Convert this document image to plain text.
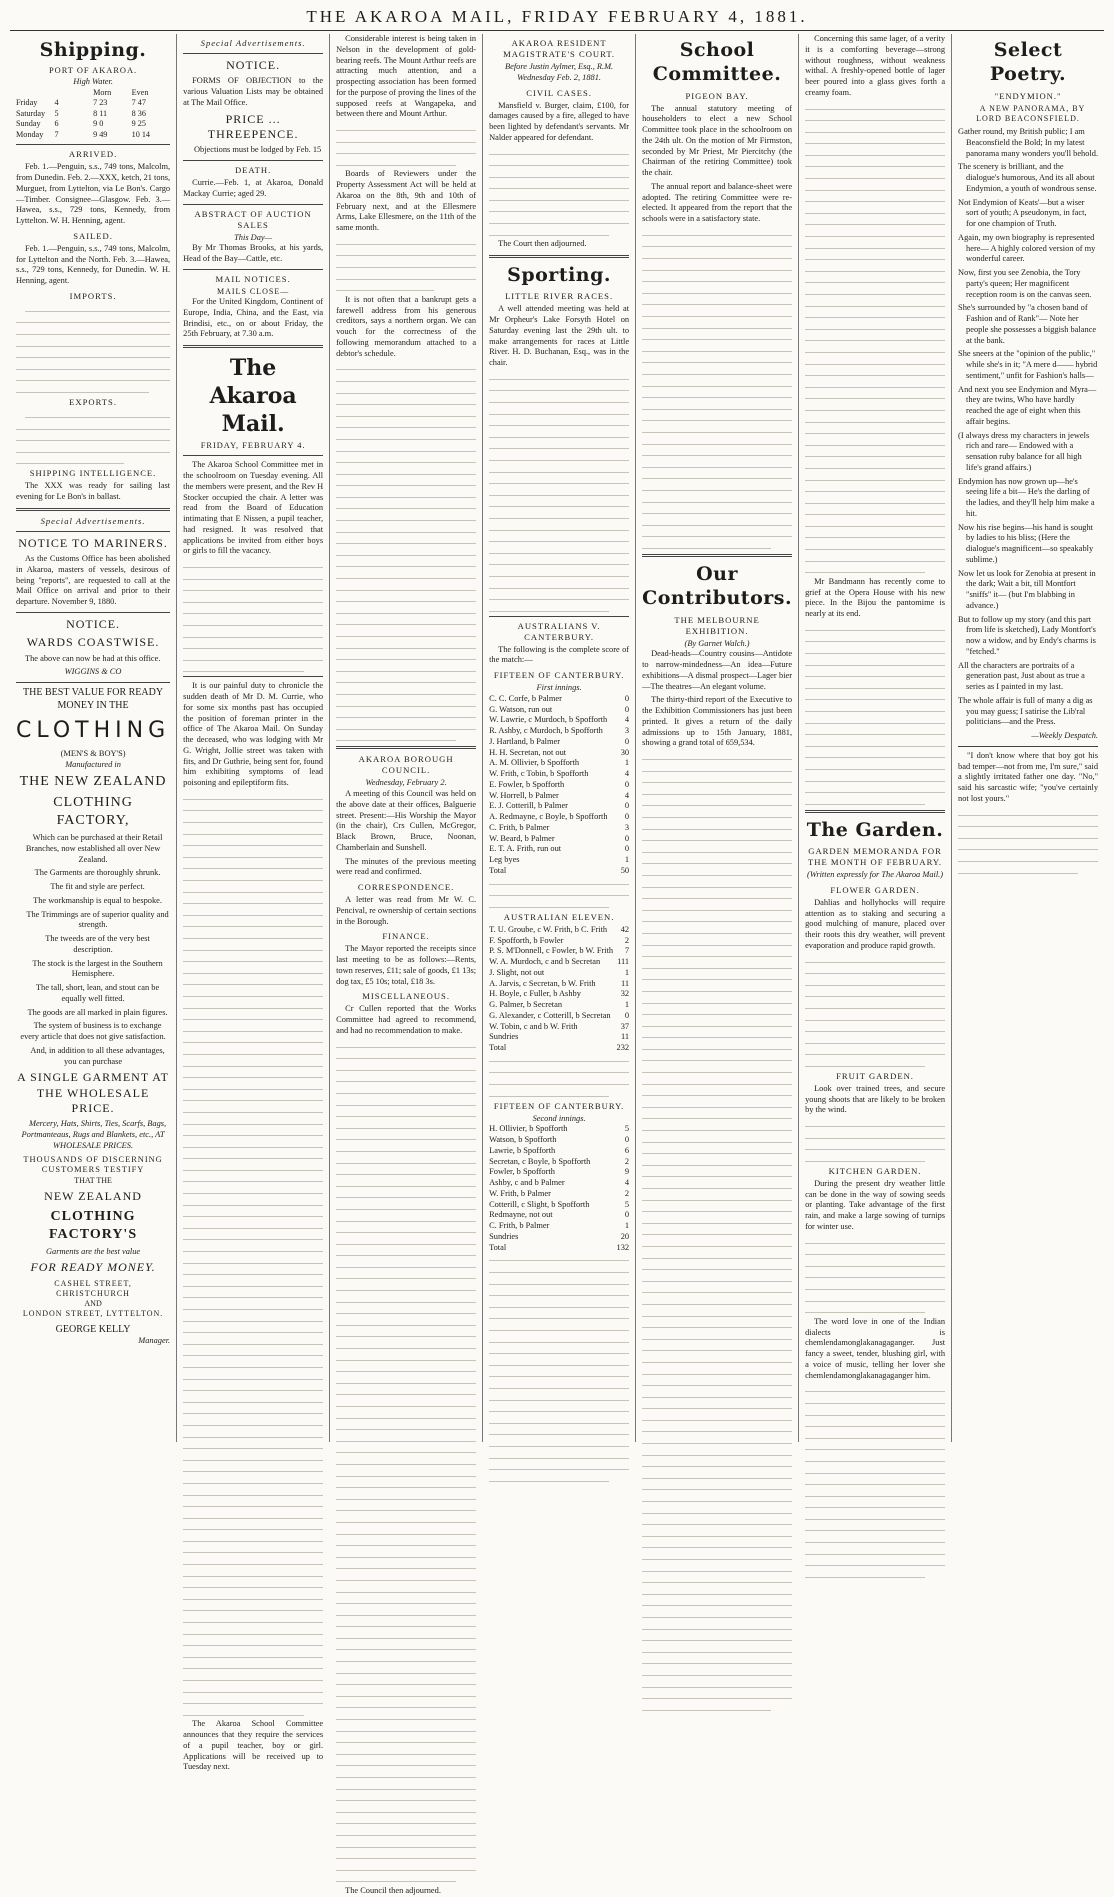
THE AKAROA MAIL, FRIDAY FEBRUARY 4, 1881.
Shipping.
PORT OF AKAROA.
High Water.
Morn	Even
Friday	4	7 23	7 47
Saturday	5	8 11	8 36
Sunday	6	9 0	9 25
Monday	7	9 49	10 14
ARRIVED.
Feb. 1.—Penguin, s.s., 749 tons, Malcolm, from Dunedin. Feb. 2.—XXX, ketch, 21 tons, Murguet, from Lyttelton, via Le Bon's. Cargo—Timber. Consignee—Glasgow. Feb. 3.—Hawea, s.s., 729 tons, Kennedy, from Lyttelton. W. H. Henning, agent.
SAILED.
Feb. 1.—Penguin, s.s., 749 tons, Malcolm, for Lyttelton and the North. Feb. 3.—Hawea, s.s., 729 tons, Kennedy, for Dunedin. W. H. Henning, agent.
IMPORTS.
EXPORTS.
SHIPPING INTELLIGENCE.
The XXX was ready for sailing last evening for Le Bon's in ballast.
Special Advertisements.
NOTICE TO MARINERS.
As the Customs Office has been abolished in Akaroa, masters of vessels, desirous of being "reports", are requested to call at the Mail Office on arrival and prior to their departure. November 9, 1880.
NOTICE.
WARDS COASTWISE.
The above can now be had at this office.
WIGGINS & CO
THE BEST VALUE FOR READY MONEY IN THE
CLOTHING
(MEN'S & BOY'S)
Manufactured in
THE NEW ZEALAND
CLOTHING FACTORY,
Which can be purchased at their Retail Branches, now established all over New Zealand.
The Garments are thoroughly shrunk.
The fit and style are perfect.
The workmanship is equal to bespoke.
The Trimmings are of superior quality and strength.
The tweeds are of the very best description.
The stock is the largest in the Southern Hemisphere.
The tall, short, lean, and stout can be equally well fitted.
The goods are all marked in plain figures.
The system of business is to exchange every article that does not give satisfaction.
And, in addition to all these advantages, you can purchase
A SINGLE GARMENT AT THE WHOLESALE PRICE.
Mercery, Hats, Shirts, Ties, Scarfs, Bags, Portmanteaus, Rugs and Blankets, etc., AT WHOLESALE PRICES.
THOUSANDS OF DISCERNING CUSTOMERS TESTIFY
THAT THE
NEW ZEALAND
CLOTHING FACTORY'S
Garments are the best value
FOR READY MONEY.
CASHEL STREET, CHRISTCHURCH
AND
LONDON STREET, LYTTELTON.
GEORGE KELLY
Manager.
Special Advertisements.
NOTICE.
FORMS OF OBJECTION to the various Valuation Lists may be obtained at The Mail Office.
PRICE ... THREEPENCE.
Objections must be lodged by Feb. 15
DEATH.
Currie.—Feb. 1, at Akaroa, Donald Mackay Currie; aged 29.
ABSTRACT OF AUCTION SALES
This Day—
By Mr Thomas Brooks, at his yards, Head of the Bay—Cattle, etc.
MAIL NOTICES.
MAILS CLOSE—
For the United Kingdom, Continent of Europe, India, China, and the East, via Brindisi, etc., on or about Friday, the 25th February, at 7.30 a.m.
The Akaroa Mail.
FRIDAY, FEBRUARY 4.
The Akaroa School Committee met in the schoolroom on Tuesday evening. All the members were present, and the Rev H Stocker occupied the chair. A letter was read from the Board of Education intimating that E Nissen, a pupil teacher, had resigned. It was resolved that applications be invited from either boys or girls to fill the vacancy.
It is our painful duty to chronicle the sudden death of Mr D. M. Currie, who for some six months past has occupied the position of foreman printer in the office of The Akaroa Mail. On Sunday the deceased, who was lodging with Mr G. Wright, Jollie street was taken with fits, and Dr Guthrie, being sent for, found him exhibiting symptoms of lead poisoning and epileptiform fits.
The Akaroa School Committee announces that they require the services of a pupil teacher, boy or girl. Applications will be received up to Tuesday next.
Considerable interest is being taken in Nelson in the development of gold-bearing reefs. The Mount Arthur reefs are attracting much attention, and a prospecting association has been formed for the purpose of proving the lines of the supposed reefs at Wangapeka, and between there and Mount Arthur.
Boards of Reviewers under the Property Assessment Act will be held at Akaroa on the 8th, 9th and 10th of February next, and at the Ellesmere Arms, Lake Ellesmere, on the 11th of the same month.
It is not often that a bankrupt gets a farewell address from his generous creditors, says a northern organ. We can vouch for the correctness of the following memorandum attached to a debtor's schedule.
AKAROA BOROUGH COUNCIL.
Wednesday, February 2.
A meeting of this Council was held on the above date at their offices, Balguerie street. Present:—His Worship the Mayor (in the chair), Crs Cullen, McGregor, Black Brown, Bruce, Noonan, Chamberlain and Sunshell.
The minutes of the previous meeting were read and confirmed.
CORRESPONDENCE.
A letter was read from Mr W. C. Pencival, re ownership of certain sections in the Borough.
FINANCE.
The Mayor reported the receipts since last meeting to be as follows:—Rents, town reserves, £11; sale of goods, £1 13s; dog tax, £5 10s; total, £18 3s.
MISCELLANEOUS.
Cr Cullen reported that the Works Committee had agreed to recommend, and had no recommendation to make.
The Council then adjourned.
AKAROA RESIDENT MAGISTRATE'S COURT.
Before Justin Aylmer, Esq., R.M.
Wednesday Feb. 2, 1881.
CIVIL CASES.
Mansfield v. Burger, claim, £100, for damages caused by a fire, alleged to have been lighted by defendant's servants. Mr Nalder appeared for defendant.
The Court then adjourned.
Sporting.
LITTLE RIVER RACES.
A well attended meeting was held at Mr Orpheur's Lake Forsyth Hotel on Saturday evening last the 29th ult. to make arrangements for races at Little River. H. D. Buchanan, Esq., was in the chair.
AUSTRALIANS V. CANTERBURY.
The following is the complete score of the match:—
FIFTEEN OF CANTERBURY.
First innings.
C. C. Corfe, b Palmer	0
G. Watson, run out	0
W. Lawrie, c Murdoch, b Spofforth 4
R. Ashby, c Murdoch, b Spofforth	3
J. Hartland, b Palmer	0
H. H. Secretan, not out	30
A. M. Ollivier, b Spofforth	1
W. Frith, c Tobin, b Spofforth	4
E. Fowler, b Spofforth	0
W. Horrell, b Palmer	4
E. J. Cotterill, b Palmer	0
A. Redmayne, c Boyle, b Spofforth 0
C. Frith, b Palmer	3
W. Beard, b Palmer	0
E. T. A. Frith, run out	0
Leg byes	1
Total	50
AUSTRALIAN ELEVEN.
T. U. Groube, c W. Frith, b C. Frith 42
F. Spofforth, b Fowler	2
P. S. M'Donnell, c Fowler, b W. Frith 7
W. A. Murdoch, c and b Secretan 111
J. Slight, not out	1
A. Jarvis, c Secretan, b W. Frith	11
H. Boyle, c Fuller, b Ashby	32
G. Palmer, b Secretan	1
G. Alexander, c Cotterill, b Secretan 0
W. Tobin, c and b W. Frith	37
Sundries	11
Total	232
FIFTEEN OF CANTERBURY.
Second innings.
H. Ollivier, b Spofforth	5
Watson, b Spofforth	0
Lawrie, b Spofforth	6
Secretan, c Boyle, b Spofforth	2
Fowler, b Spofforth	9
Ashby, c and b Palmer	4
W. Frith, b Palmer	2
Cotterill, c Slight, b Spofforth	5
Redmayne, not out	0
C. Frith, b Palmer	1
Sundries	20
Total	132
School Committee.
PIGEON BAY.
The annual statutory meeting of householders to elect a new School Committee took place in the schoolroom on the 24th ult. On the motion of Mr Firmston, seconded by Mr Priest, Mr Piercitchy (the Chairman of the retiring Committee) took the chair.
The annual report and balance-sheet were adopted. The retiring Committee were re-elected. It appeared from the report that the schools were in a satisfactory state.
Our Contributors.
THE MELBOURNE EXHIBITION.
(By Garnet Walch.)
Dead-heads—Country cousins—Antidote to narrow-mindedness—An idea—Future exhibitions—A dismal prospect—Lager bier—The theatres—An elegant volume.
The thirty-third report of the Executive to the Exhibition Commissioners has just been printed. It gives a return of the daily admissions up to 15th January, 1881, showing a grand total of 659,534.
Concerning this same lager, of a verity it is a comforting beverage—strong without roughness, without weakness withal. A freshly-opened bottle of lager beer poured into a glass gives forth a creamy foam.
Mr Bandmann has recently come to grief at the Opera House with his new piece. In the Bijou the pantomime is nearly at its end.
The Garden.
GARDEN MEMORANDA FOR THE MONTH OF FEBRUARY.
(Written expressly for The Akaroa Mail.)
FLOWER GARDEN.
Dahlias and hollyhocks will require attention as to staking and securing a good mulching of manure, placed over their roots this dry weather, will prevent evaporation and produce rapid growth.
FRUIT GARDEN.
Look over trained trees, and secure young shoots that are likely to be broken by the wind.
KITCHEN GARDEN.
During the present dry weather little can be done in the way of sowing seeds or planting. Take advantage of the first rain, and make a large sowing of turnips for winter use.
The word love in one of the Indian dialects is chemlendamonglakanagaganger. Just fancy a sweet, tender, blushing girl, with a voice of music, telling her lover she chemlendamonglakanagaganger him.
Select Poetry.
"ENDYMION."
A NEW PANORAMA, BY LORD BEACONSFIELD.
Gather round, my British public; I am Beaconsfield the Bold; In my latest panorama many wonders you'll behold.
The scenery is brilliant, and the dialogue's humorous, And its all about Endymion, a youth of wondrous sense.
Not Endymion of Keats'—but a wiser sort of youth; A pseudonym, in fact, for one champion of Truth.
Again, my own biography is represented here— A highly colored version of my wonderful career.
Now, first you see Zenobia, the Tory party's queen; Her magnificent reception room is on the canvas seen.
She's surrounded by "a chosen band of Fashion and of Rank"— Note her people she possesses a biggish balance at the bank.
She sneers at the "opinion of the public," while she's in it; "A mere d—— hybrid sentiment," unfit for Fashion's halls—
And next you see Endymion and Myra—they are twins, Who have hardly reached the age of eight when this affair begins.
(I always dress my characters in jewels rich and rare— Endowed with a sensation ruby balance for all high life's grand affairs.)
Endymion has now grown up—he's seeing life a bit— He's the darling of the ladies, and they'll help him make a hit.
Now his rise begins—his hand is sought by ladies to his bliss; (Here the dialogue's magnificent—so speakably sublime.)
Now let us look for Zenobia at present in the dark; Wait a bit, till Montfort "sniffs" it— (but I'm blabbing in advance.)
But to follow up my story (and this part from life is sketched), Lady Montfort's now a widow, and by Endy's charms is "fetched."
All the characters are portraits of a generation past, Just about as true a series as I painted in my last.
The whole affair is full of many a dig as you may guess; I satirise the Lib'ral politicians—and the Press.
—Weekly Despatch.
"I don't know where that boy got his bad temper—not from me, I'm sure," said a slightly irritated father one day. "No," said his sarcastic wife; "you've certainly not lost yours."
